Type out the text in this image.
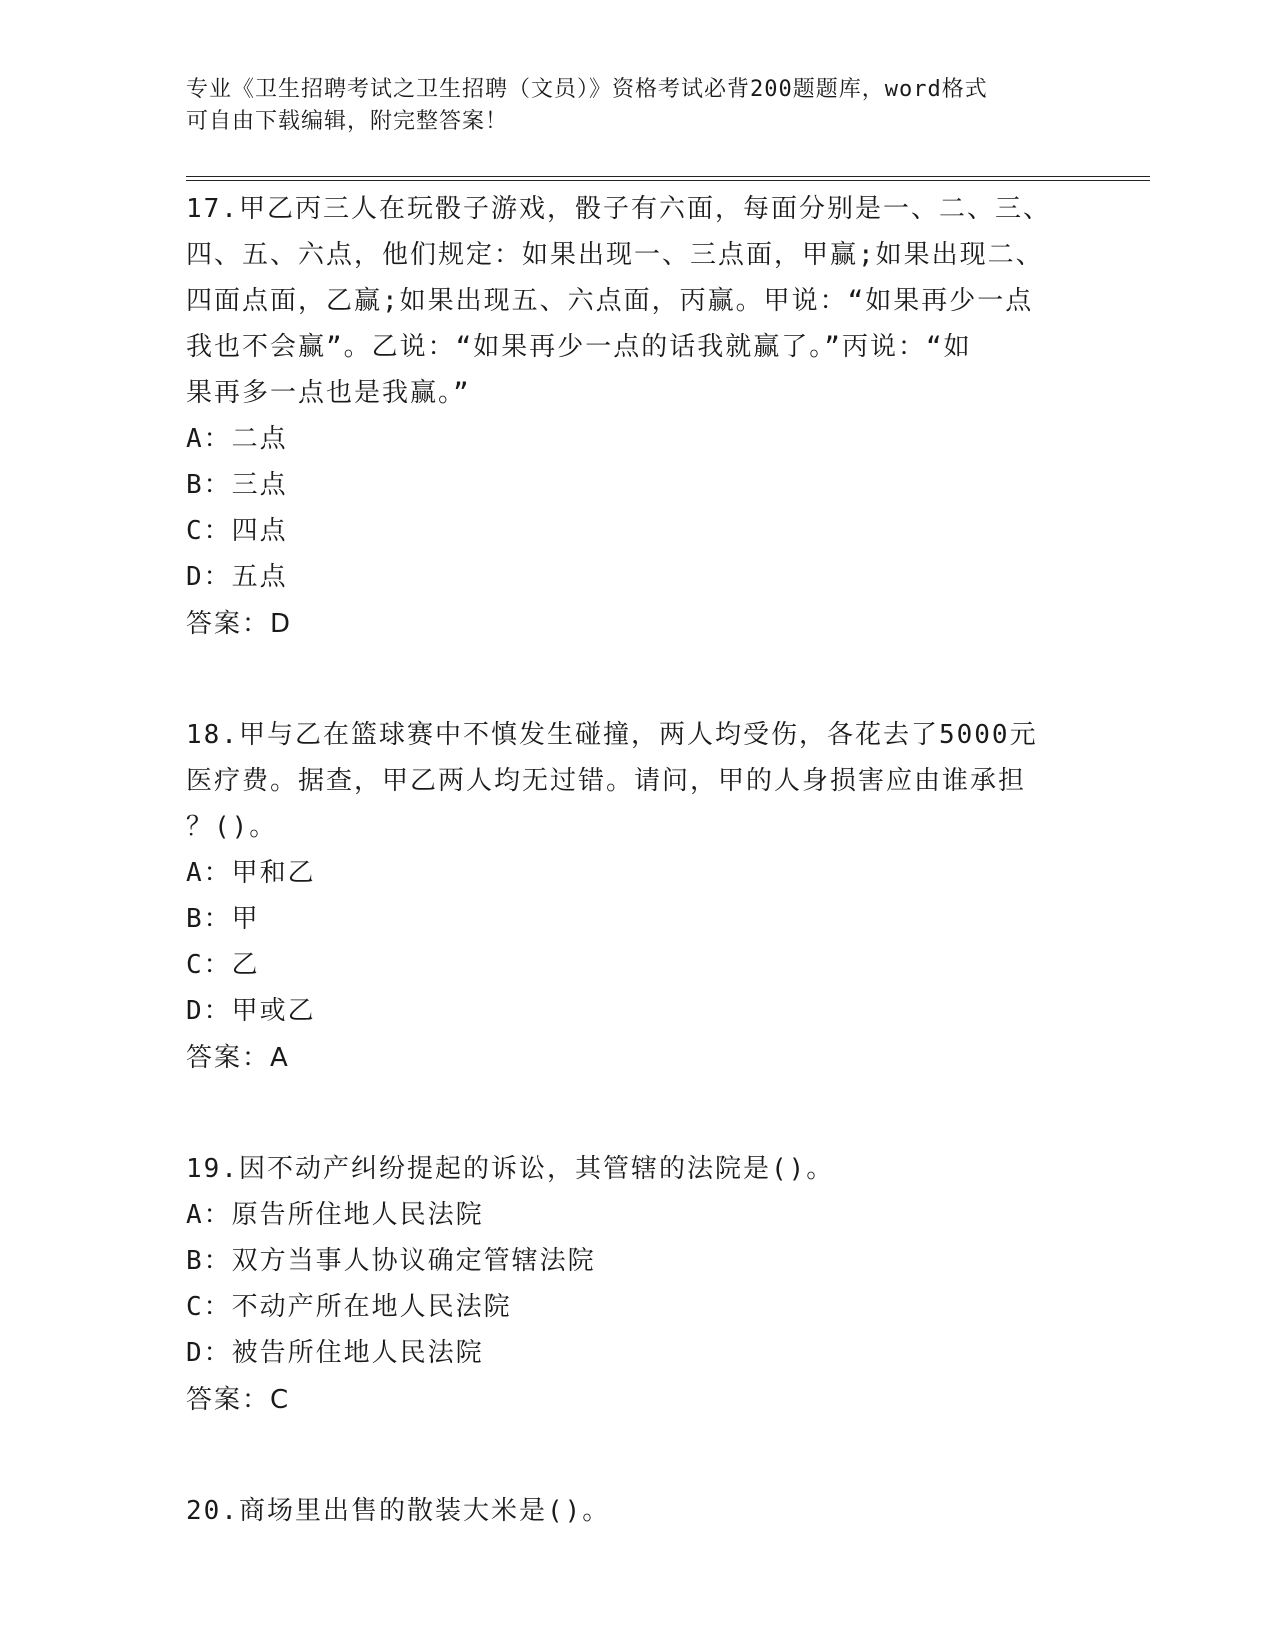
专业《卫生招聘考试之卫生招聘（文员）》资格考试必背200题题库，word格式
可自由下载编辑，附完整答案！
17.甲乙丙三人在玩骰子游戏，骰子有六面，每面分别是一、二、三、
四、五、六点，他们规定：如果出现一、三点面，甲赢;如果出现二、
四面点面，乙赢;如果出现五、六点面，丙赢。甲说：“如果再少一点
我也不会赢”。乙说：“如果再少一点的话我就赢了。”丙说：“如
果再多一点也是我赢。”
A：二点
B：三点
C：四点
D：五点
答案：D
18.甲与乙在篮球赛中不慎发生碰撞，两人均受伤，各花去了5000元
医疗费。据查，甲乙两人均无过错。请问，甲的人身损害应由谁承担
？()。
A：甲和乙
B：甲
C：乙
D：甲或乙
答案：A
19.因不动产纠纷提起的诉讼，其管辖的法院是()。
A：原告所住地人民法院
B：双方当事人协议确定管辖法院
C：不动产所在地人民法院
D：被告所住地人民法院
答案：C
20.商场里出售的散装大米是()。
